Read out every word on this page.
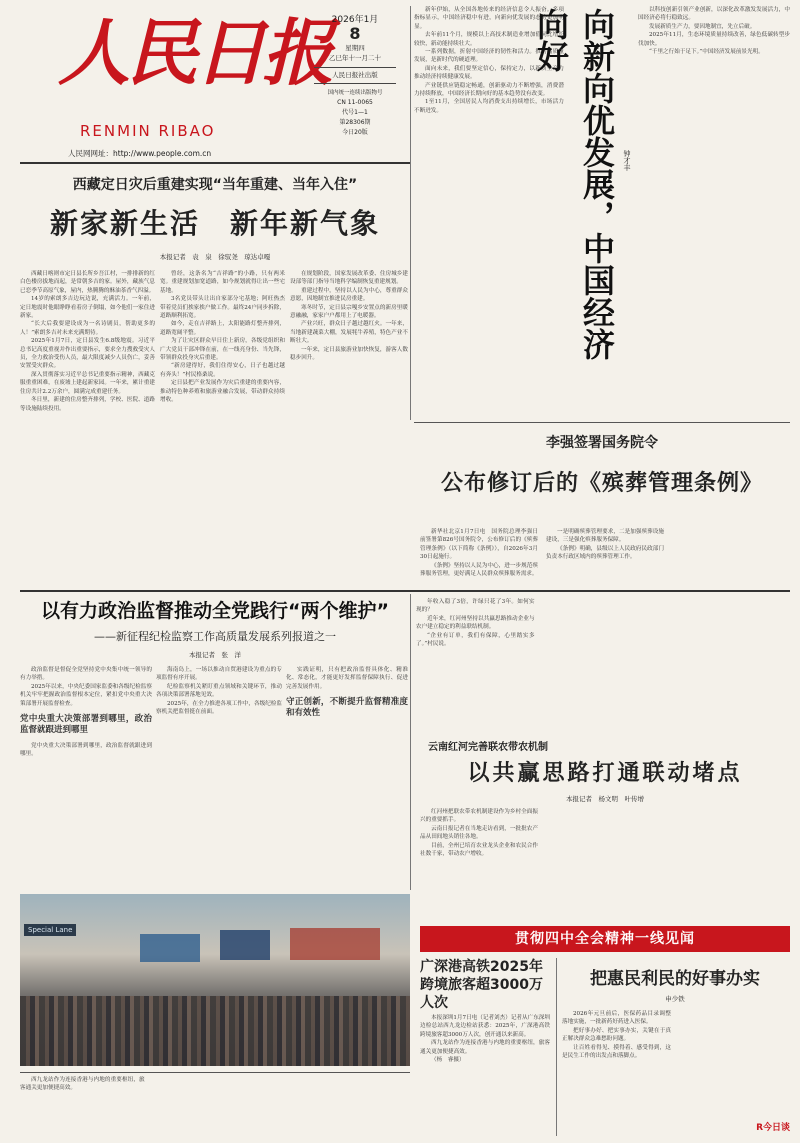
人民日报
RENMIN RIBAO
人民网网址：http://www.people.com.cn
2026年1月
8
星期四
乙巳年十一月二十
人民日报社出版
国内统一连续出版物号
CN 11-0065
代号1—1
第28306期
今日20版
西藏定日灾后重建实现“当年重建、当年入住”
新家新生活　新年新气象
本报记者　袁　泉　徐驭尧　琼达卓嘎

西藏日喀则市定日县长所乡吾江村，一排排新的红白色楼房拔地而起，是常朝多吉的家。屋外，藏族气息已恋季节高原气象，屋内，热腾腾的酥油茶香气四溢。

14岁的索朗多吉边玩边说，充满活力。一年前，定日地震时他眼睁睁看着房子倒塌，如今他们一家住进新家。

“长大后我要建设成为一名诗剧员，帮助更多的人！”索朗多吉对未来充满期待。

2025年1月7日，定日县发生6.8级地震。习近平总书记高度重视并作出重要指示，要求全力搜救受灾人员，全力救治受伤人员，最大限度减少人员伤亡，妥善安置受灾群众。

深入贯彻落实习近平总书记重要指示精神，西藏克服重重困难，在废墟上建起新家园。一年来，累计重建住房共计2.2万余户，圆满完成重建任务。

冬日里，新建的住房整齐排列，学校、医院、道路等设施陆续投用。

曾经，这条名为“吉祥路”的小路，只有两米宽。重建规划加宽道路，如今规划就得让出一些宅基地。

3名党员带头让出自家部分宅基地；阿旺热杰带着党员们挨家挨户做工作。最终24户同步拆除，道路顺利拓宽。

如今，走在吉祥路上，太阳能路灯整齐排列，道路宽阔平整。

为了让灾区群众早日住上新房，各级党组织和广大党员干部冲锋在前，在一线亮身份、当先锋，带领群众投身灾后重建。

“新房建得好，我们住得安心，日子也越过越有奔头！”村民格桑说。

定日县把产业发展作为灾后重建的重要内容，推动特色种养殖和旅游业融合发展，带动群众持续增收。

在规划阶段，国家发展改革委、住房城乡建设部等部门指导当地科学编制恢复重建规划。

重建过程中，坚持以人民为中心，尊重群众意愿，因地制宜推进民房重建。

寒冬时节，定日县宗嘎乡安置点的新房里暖意融融，家家户户都用上了电暖器。

产业兴旺，群众日子越过越红火。一年来，当地新建蔬菜大棚，发展牦牛养殖，特色产业不断壮大。

一年来，定日县旅游业加快恢复，游客人数稳步回升。

新年伊始，从全国各地传来的经济信息令人振奋。多项指标显示，中国经济稳中有进，向新向优发展的态势更加明显。

去年前11个月，规模以上高技术制造业增加值同比增长较快，新动能持续壮大。

一系列数据，折射中国经济的韧性和活力。推动高质量发展，是新时代的硬道理。

面向未来，我们要坚定信心，保持定力，以新质生产力推动经济持续健康发展。

产业链供应链稳定畅通，创新驱动力不断增强，消费潜力持续释放，中国经济长期向好的基本趋势没有改变。

1至11月，全国居民人均消费支出持续增长，市场活力不断迸发。	向新向优发展，中国经济向好
钟才丰

以科技创新引领产业创新，以深化改革激发发展活力，中国经济必将行稳致远。

发展新质生产力，要因地制宜，先立后破。

2025年11月，生态环境质量持续改善，绿色低碳转型步伐加快。

“千里之行始于足下。”中国经济发展前景光明。

李强签署国务院令
公布修订后的《殡葬管理条例》

新华社北京1月7日电　国务院总理李强日前签署第826号国务院令，公布修订后的《殡葬管理条例》（以下简称《条例》），自2026年3月30日起施行。

《条例》坚持以人民为中心，进一步规范殡葬服务管理，更好满足人民群众殡葬服务需求。

一是明确殡葬管理要求，二是加强殡葬设施建设，三是强化殡葬服务保障。

《条例》明确，县级以上人民政府民政部门负责本行政区域内的殡葬管理工作。

以有力政治监督推动全党践行“两个维护”
——新征程纪检监察工作高质量发展系列报道之一
本报记者　张　洋

政治监督是督促全党坚持党中央集中统一领导的有力举措。

2025年以来，中央纪委国家监委和各级纪检监察机关牢牢把握政治监督根本定位，紧扣党中央重大决策部署开展监督检查。

党中央重大决策部署到哪里，政治监督就跟进到哪里

党中央重大决策部署到哪里，政治监督就跟进到哪里。

海南岛上，一场以推动自贸港建设为重点的专项监督有序开展。

纪检监察机关紧盯重点领域和关键环节，推动各项决策部署落地见效。

2025年，在全力推进各项工作中，各级纪检监察机关把监督挺在前面。

实践证明，只有把政治监督具体化、精准化、常态化，才能更好发挥监督保障执行、促进完善发展作用。

守正创新，不断提升监督精准度和有效性

年收入稳了3倍，许绿只花了3年。如何实现的？

近年来，红河州坚持以共赢思路推动企业与农户建立稳定的利益联结机制。

“企业有订单，我们有保障，心里踏实多了。”村民说。

云南红河完善联农带农机制
以共赢思路打通联动堵点
本报记者　杨文明　叶传增

红河州把联农带农机制建设作为乡村全面振兴的重要抓手。

云南日报记者在当地走访看到，一批批农产品从田间地头销往各地。

目前，全州已培育农业龙头企业和农民合作社数千家，带动农户增收。

贯彻四中全会精神一线见闻
Special Lane
广深港高铁2025年跨境旅客超3000万人次

本报深圳1月7日电（记者刘杰）记者从广东深圳边检总站西九龙边检站获悉：2025年，广深港高铁跨境旅客超3000万人次，创开通以来新高。

西九龙站作为连接香港与内地的重要枢纽，旅客通关更加便捷高效。

（杨　睿摄）

西九龙站作为连接香港与内地的重要枢纽，旅客通关更加便捷高效。

把惠民利民的好事办实
申少铁

2026年元旦前后，医保药品目录调整落地实施，一批新药好药进入医保。

把好事办好、把实事办实，关键在于真正解决群众急难愁盼问题。

让百姓看得见、摸得着、感受得到，这是民生工作的出发点和落脚点。

R今日谈
